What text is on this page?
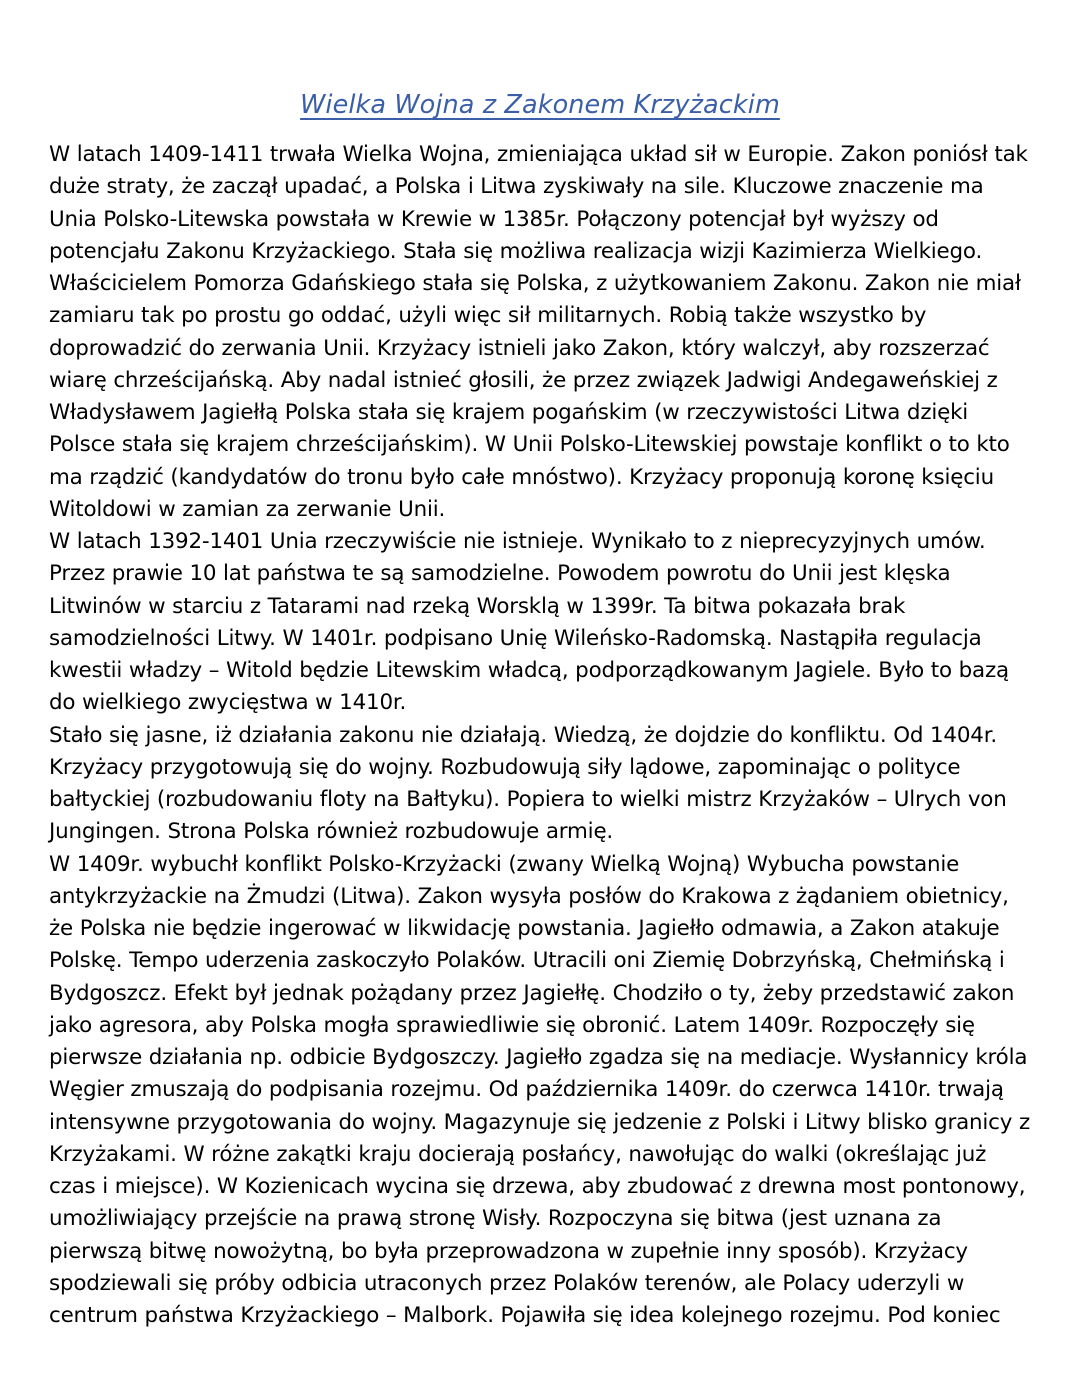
Wielka Wojna z Zakonem Krzyżackim

W latach 1409-1411 trwała Wielka Wojna, zmieniająca układ sił w Europie. Zakon poniósł tak duże straty, że zaczął upadać, a Polska i Litwa zyskiwały na sile. Kluczowe znaczenie ma Unia Polsko-Litewska powstała w Krewie w 1385r. Połączony potencjał był wyższy od potencjału Zakonu Krzyżackiego. Stała się możliwa realizacja wizji Kazimierza Wielkiego. Właścicielem Pomorza Gdańskiego stała się Polska, z użytkowaniem Zakonu. Zakon nie miał zamiaru tak po prostu go oddać, użyli więc sił militarnych. Robią także wszystko by doprowadzić do zerwania Unii. Krzyżacy istnieli jako Zakon, który walczył, aby rozszerzać wiarę chrześcijańską. Aby nadal istnieć głosili, że przez związek Jadwigi Andegaweńskiej z Władysławem Jagiełłą Polska stała się krajem pogańskim (w rzeczywistości Litwa dzięki Polsce stała się krajem chrześcijańskim). W Unii Polsko-Litewskiej powstaje konflikt o to kto ma rządzić (kandydatów do tronu było całe mnóstwo). Krzyżacy proponują koronę księciu Witoldowi w zamian za zerwanie Unii.

W latach 1392-1401 Unia rzeczywiście nie istnieje. Wynikało to z nieprecyzyjnych umów. Przez prawie 10 lat państwa te są samodzielne. Powodem powrotu do Unii jest klęska Litwinów w starciu z Tatarami nad rzeką Worsklą w 1399r. Ta bitwa pokazała brak samodzielności Litwy. W 1401r. podpisano Unię Wileńsko-Radomską. Nastąpiła regulacja kwestii władzy – Witold będzie Litewskim władcą, podporządkowanym Jagiele. Było to bazą do wielkiego zwycięstwa w 1410r.

Stało się jasne, iż działania zakonu nie działają. Wiedzą, że dojdzie do konfliktu. Od 1404r. Krzyżacy przygotowują się do wojny. Rozbudowują siły lądowe, zapominając o polityce bałtyckiej (rozbudowaniu floty na Bałtyku). Popiera to wielki mistrz Krzyżaków – Ulrych von Jungingen. Strona Polska również rozbudowuje armię.

W 1409r. wybuchł konflikt Polsko-Krzyżacki (zwany Wielką Wojną) Wybucha powstanie antykrzyżackie na Żmudzi (Litwa). Zakon wysyła posłów do Krakowa z żądaniem obietnicy, że Polska nie będzie ingerować w likwidację powstania. Jagiełło odmawia, a Zakon atakuje Polskę. Tempo uderzenia zaskoczyło Polaków. Utracili oni Ziemię Dobrzyńską, Chełmińską i Bydgoszcz. Efekt był jednak pożądany przez Jagiełłę. Chodziło o ty, żeby przedstawić zakon jako agresora, aby Polska mogła sprawiedliwie się obronić. Latem 1409r. Rozpoczęły się pierwsze działania np. odbicie Bydgoszczy. Jagiełło zgadza się na mediacje. Wysłannicy króla Węgier zmuszają do podpisania rozejmu. Od października 1409r. do czerwca 1410r. trwają intensywne przygotowania do wojny. Magazynuje się jedzenie z Polski i Litwy blisko granicy z Krzyżakami. W różne zakątki kraju docierają posłańcy, nawołując do walki (określając już czas i miejsce). W Kozienicach wycina się drzewa, aby zbudować z drewna most pontonowy, umożliwiający przejście na prawą stronę Wisły. Rozpoczyna się bitwa (jest uznana za pierwszą bitwę nowożytną, bo była przeprowadzona w zupełnie inny sposób). Krzyżacy spodziewali się próby odbicia utraconych przez Polaków terenów, ale Polacy uderzyli w centrum państwa Krzyżackiego – Malbork. Pojawiła się idea kolejnego rozejmu. Pod koniec
